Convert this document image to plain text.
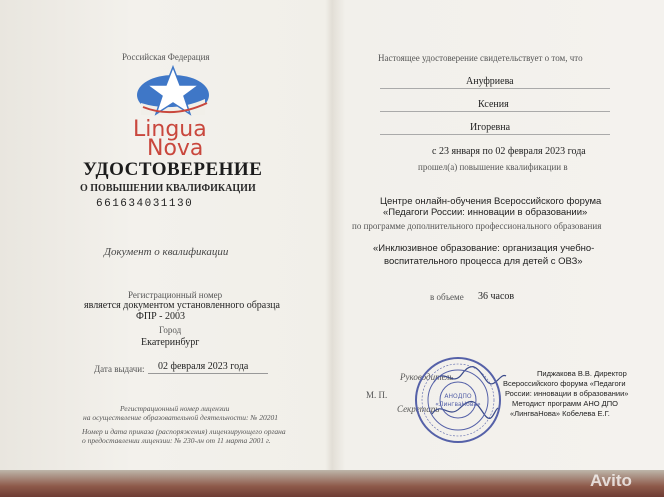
Российская Федерация
Lingua
Nova
УДОСТОВЕРЕНИЕ
О ПОВЫШЕНИИ КВАЛИФИКАЦИИ
661634031130
Документ о квалификации
Регистрационный номер
является документом установленного образца
ФПР - 2003
Город
Екатеринбург
Дата выдачи: 02 февраля 2023 года
Регистрационный номер лицензии
на осуществление образовательной деятельности: № 20201
Номер и дата приказа (распоряжения) лицензирующего органа
о предоставлении лицензии: № 230-лн от 11 марта 2001 г.
Настоящее удостоверение свидетельствует о том, что
Ануфриева
Ксения
Игоревна
с 23 января по 02 февраля 2023 года
прошел(а) повышение квалификации в
Центре онлайн-обучения Всероссийского форума
«Педагоги России: инновации в образовании»
по программе дополнительного профессионального образования
«Инклюзивное образование: организация учебно-
воспитательного процесса для детей с ОВЗ»
в объеме 36 часов
Руководитель
М. П.
Секретарь
Пиджакова В.В. Директор
Всероссийского форума «Педагоги
России: инновации в образовании»
Методист программ АНО ДПО
«ЛингваНова» Кобелева Е.Г.
АНОДПО «ЛингваНова»
Avito
